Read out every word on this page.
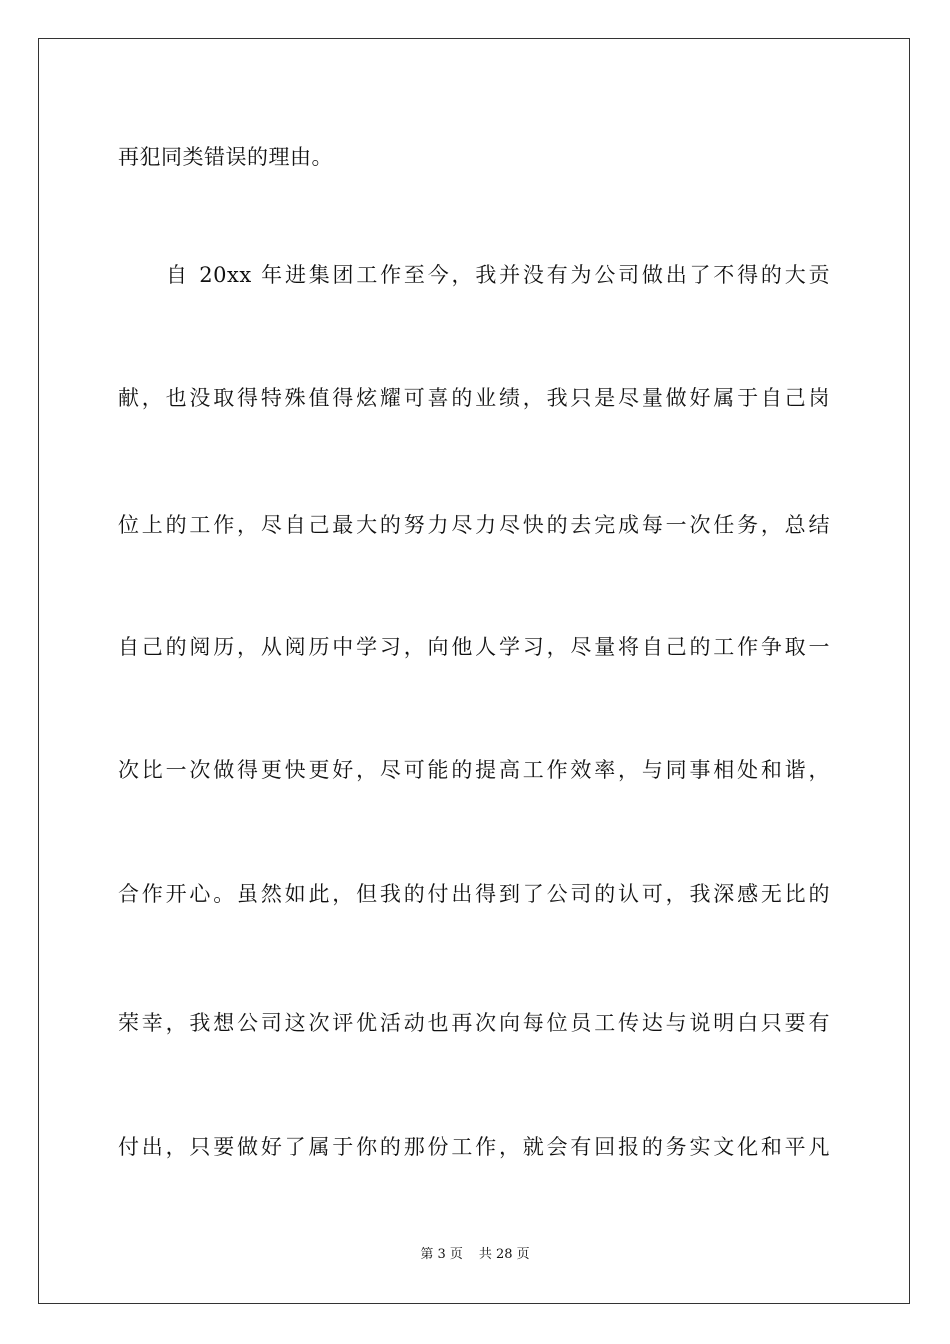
再犯同类错误的理由。
自 20xx 年进集团工作至今，我并没有为公司做出了不得的大贡
献，也没取得特殊值得炫耀可喜的业绩，我只是尽量做好属于自己岗
位上的工作，尽自己最大的努力尽力尽快的去完成每一次任务，总结
自己的阅历，从阅历中学习，向他人学习，尽量将自己的工作争取一
次比一次做得更快更好，尽可能的提高工作效率，与同事相处和谐，
合作开心。虽然如此，但我的付出得到了公司的认可，我深感无比的
荣幸，我想公司这次评优活动也再次向每位员工传达与说明白只要有
付出，只要做好了属于你的那份工作，就会有回报的务实文化和平凡
第 3 页 共 28 页
